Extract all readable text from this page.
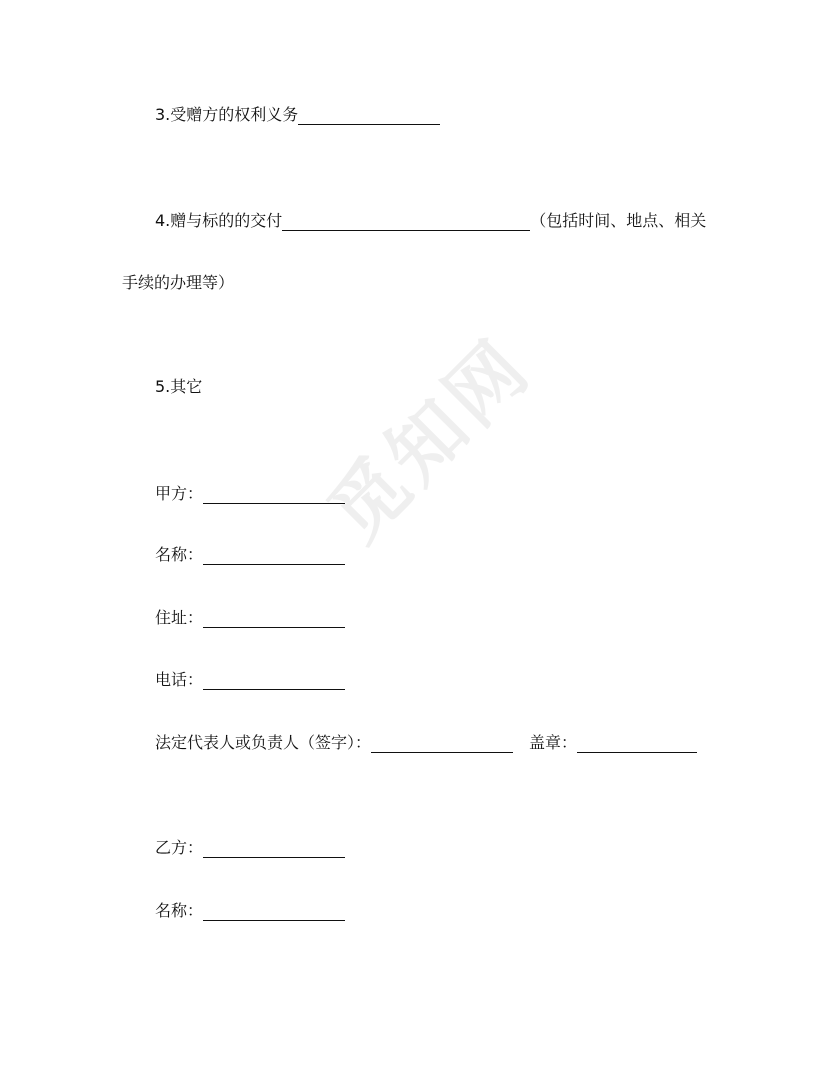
觅知网
3.受赠方的权利义务
4.赠与标的的交付	（包括时间、地点、相关
手续的办理等）
5.其它
甲方：
名称：
住址：
电话：
法定代表人或负责人（签字）：	盖章：
乙方：
名称：
